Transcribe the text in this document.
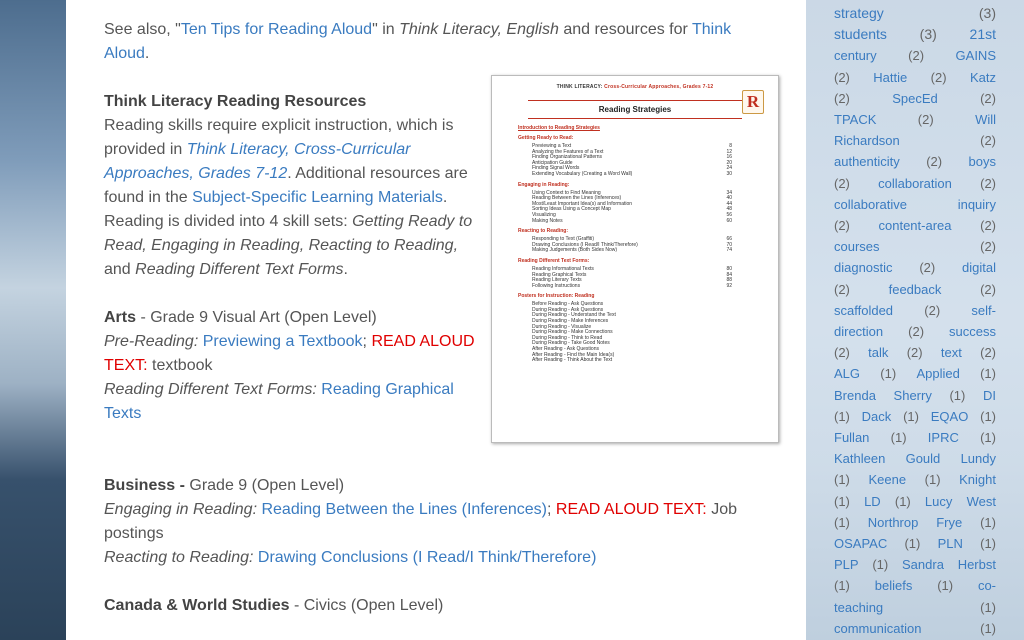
See also, "Ten Tips for Reading Aloud" in Think Literacy, English and resources for Think Aloud.

Think Literacy Reading Resources

Reading skills require explicit instruction, which is provided in Think Literacy, Cross-Curricular Approaches, Grades 7-12. Additional resources are found in the Subject-Specific Learning Materials. Reading is divided into 4 skill sets: Getting Ready to Read, Engaging in Reading, Reacting to Reading, and Reading Different Text Forms.

Arts - Grade 9 Visual Art (Open Level)

Pre-Reading: Previewing a Textbook; READ ALOUD TEXT: textbook

Reading Different Text Forms: Reading Graphical Texts

Business - Grade 9 (Open Level)

Engaging in Reading: Reading Between the Lines (Inferences); READ ALOUD TEXT: Job postings

Reacting to Reading: Drawing Conclusions (I Read/I Think/Therefore)

Canada & World Studies - Civics (Open Level)

THINK LITERACY: Cross-Curricular Approaches, Grades 7-12
R
Reading Strategies
Introduction to Reading Strategies
Getting Ready to Read:
Previewing a Text	8
Analyzing the Features of a Text	12
Finding Organizational Patterns	16
Anticipation Guide	20
Finding Signal Words	24
Extending Vocabulary (Creating a Word Wall)	30
Engaging in Reading:
Using Context to Find Meaning	34
Reading Between the Lines (Inferences)	40
Most/Least Important Idea(s) and Information	44
Sorting Ideas Using a Concept Map	48
Visualizing	56
Making Notes	60
Reacting to Reading:
Responding to Text (Graffiti)	66
Drawing Conclusions (I Read/I Think/Therefore)	70
Making Judgements (Both Sides Now)	74
Reading Different Text Forms:
Reading Informational Texts	80
Reading Graphical Texts	84
Reading Literary Texts	88
Following Instructions	92
Posters for Instruction: Reading
Before Reading - Ask Questions
During Reading - Ask Questions
During Reading - Understand the Text
During Reading - Make Inferences
During Reading - Visualize
During Reading - Make Connections
During Reading - Think to Read
During Reading - Take Good Notes
After Reading - Ask Questions
After Reading - Find the Main Idea(s)
After Reading - Think About the Text
strategy	(3)
students (3) 21st
century (2) GAINS
(2) Hattie (2) Katz
(2)	SpecEd	(2)
TPACK	(2)	Will
Richardson	(2)
authenticity (2) boys
(2) collaboration (2)
collaborative	inquiry
(2) content-area (2)
courses	(2)
diagnostic (2) digital
(2)	feedback	(2)
scaffolded (2) self-
direction (2) success
(2) talk (2) text (2)
ALG (1) Applied (1)
Brenda Sherry (1) DI
(1) Dack (1) EQAO (1)
Fullan (1) IPRC (1)
Kathleen Gould Lundy
(1) Keene (1) Knight
(1) LD (1) Lucy West
(1) Northrop Frye (1)
OSAPAC (1) PLN (1)
PLP (1) Sandra Herbst
(1) beliefs (1) co-
teaching	(1)
communication	(1)
